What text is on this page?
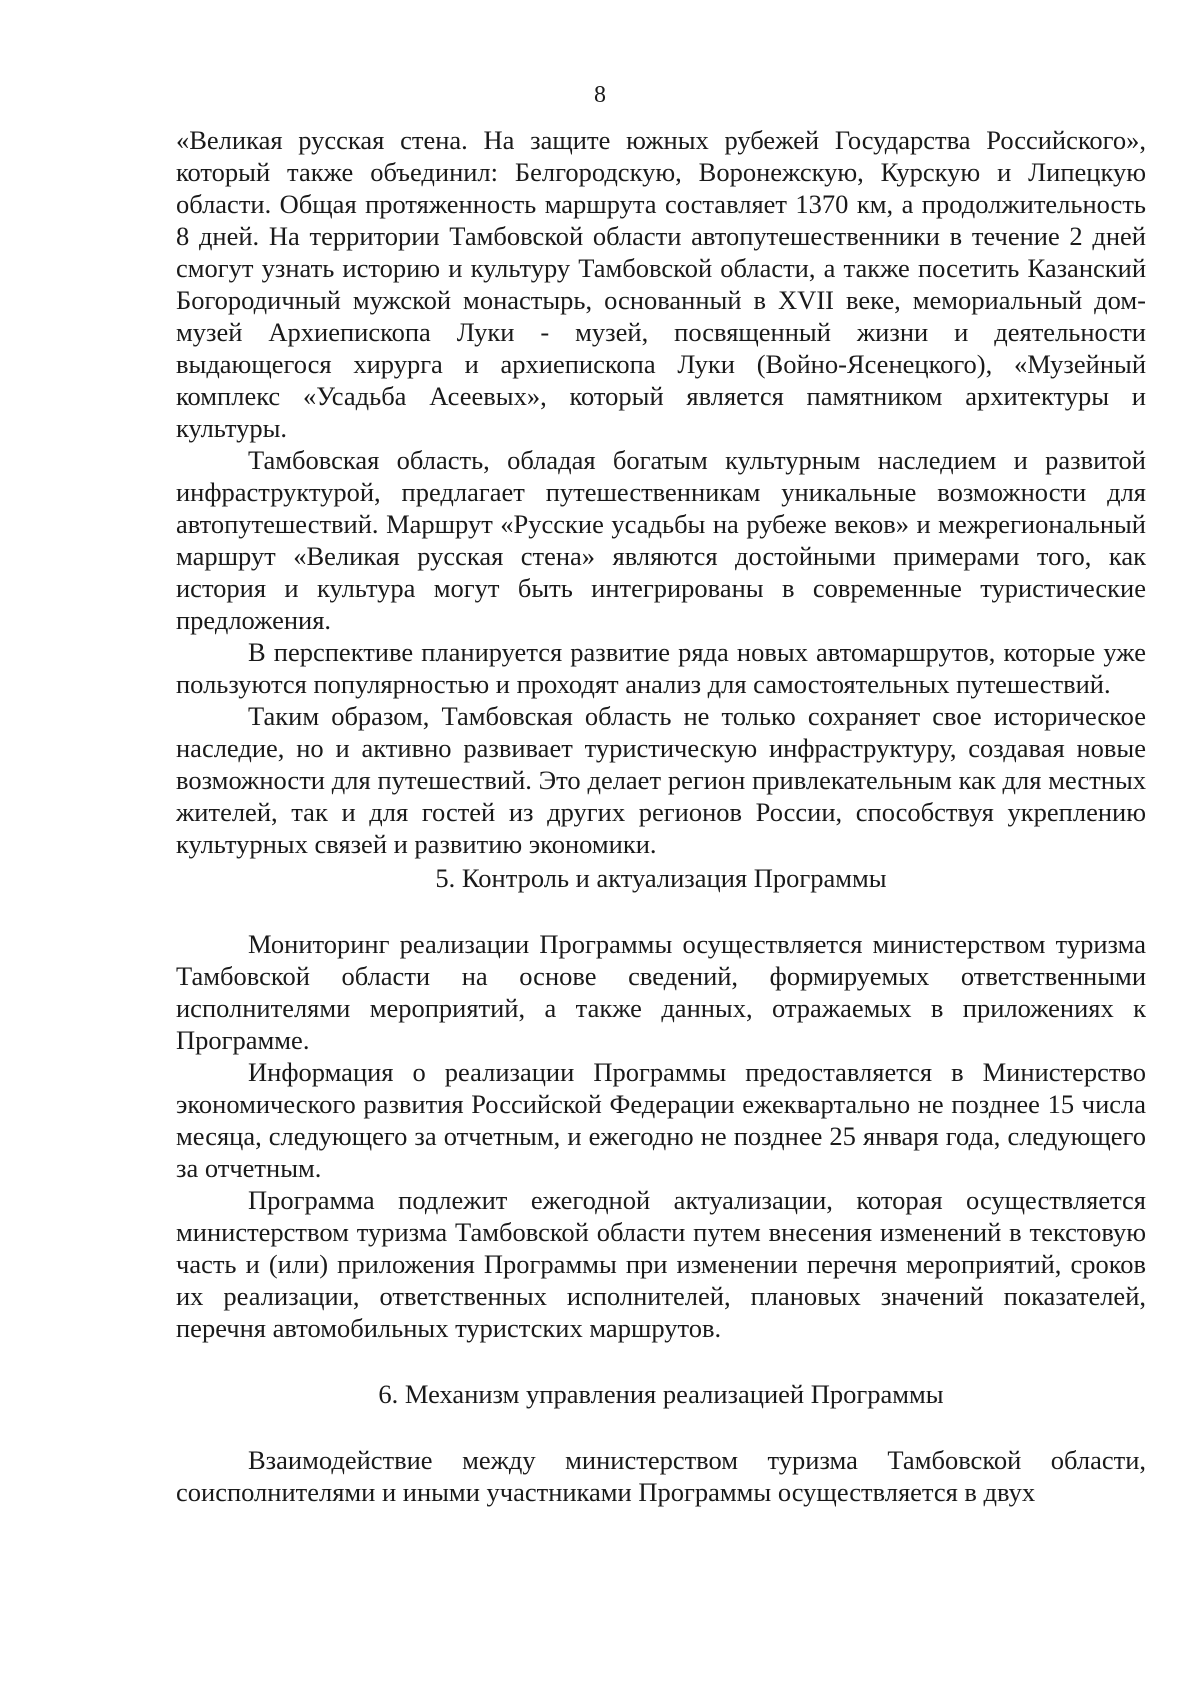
8

«Великая русская стена. На защите южных рубежей Государства Российского», который также объединил: Белгородскую, Воронежскую, Курскую и Липецкую области. Общая протяженность маршрута составляет 1370 км, а продолжительность 8 дней. На территории Тамбовской области автопутешественники в течение 2 дней смогут узнать историю и культуру Тамбовской области, а также посетить Казанский Богородичный мужской монастырь, основанный в XVII веке, мемориальный дом-музей Архиепископа Луки - музей, посвященный жизни и деятельности выдающегося хирурга и архиепископа Луки (Войно-Ясенецкого), «Музейный комплекс «Усадьба Асеевых», который является памятником архитектуры и культуры.

Тамбовская область, обладая богатым культурным наследием и развитой инфраструктурой, предлагает путешественникам уникальные возможности для автопутешествий. Маршрут «Русские усадьбы на рубеже веков» и межрегиональный маршрут «Великая русская стена» являются достойными примерами того, как история и культура могут быть интегрированы в современные туристические предложения.

В перспективе планируется развитие ряда новых автомаршрутов, которые уже пользуются популярностью и проходят анализ для самостоятельных путешествий.

Таким образом, Тамбовская область не только сохраняет свое историческое наследие, но и активно развивает туристическую инфраструктуру, создавая новые возможности для путешествий. Это делает регион привлекательным как для местных жителей, так и для гостей из других регионов России, способствуя укреплению культурных связей и развитию экономики.

5. Контроль и актуализация Программы

Мониторинг реализации Программы осуществляется министерством туризма Тамбовской области на основе сведений, формируемых ответственными исполнителями мероприятий, а также данных, отражаемых в приложениях к Программе.

Информация о реализации Программы предоставляется в Министерство экономического развития Российской Федерации ежеквартально не позднее 15 числа месяца, следующего за отчетным, и ежегодно не позднее 25 января года, следующего за отчетным.

Программа подлежит ежегодной актуализации, которая осуществляется министерством туризма Тамбовской области путем внесения изменений в текстовую часть и (или) приложения Программы при изменении перечня мероприятий, сроков их реализации, ответственных исполнителей, плановых значений показателей, перечня автомобильных туристских маршрутов.

6. Механизм управления реализацией Программы

Взаимодействие между министерством туризма Тамбовской области, соисполнителями и иными участниками Программы осуществляется в двух
